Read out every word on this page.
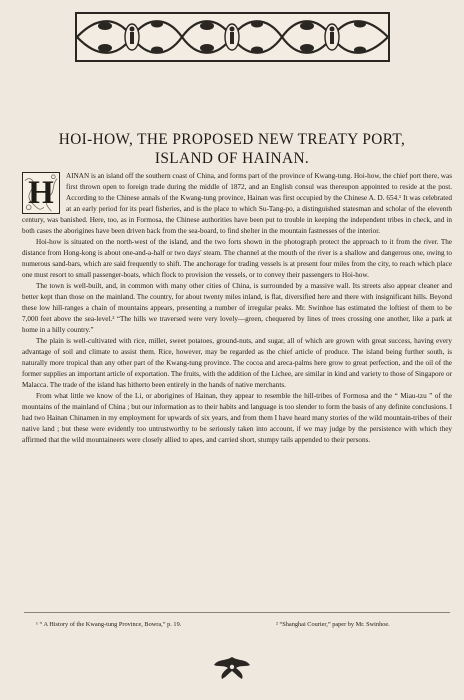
HOI-HOW, THE PROPOSED NEW TREATY PORT,
ISLAND OF HAINAN.
H	AINAN is an island off the southern coast of China, and forms part of the province of Kwang-tung. Hoi-how, the chief port there, was first thrown open to foreign trade during the middle of 1872, and an English consul was thereupon appointed to reside at the post. According to the Chinese annals of the Kwang-tung province, Hainan was first occupied by the Chinese A. D. 654.¹ It was celebrated at an early period for its pearl fisheries, and is the place to which Su-Tang-po, a distinguished statesman and scholar of the eleventh century, was banished. Here, too, as in Formosa, the Chinese authorities have been put to trouble in keeping the independent tribes in check, and in both cases the aborigines have been driven back from the sea-board, to find shelter in the mountain fastnesses of the interior.

Hoi-how is situated on the north-west of the island, and the two forts shown in the photograph protect the approach to it from the river. The distance from Hong-kong is about one-and-a-half or two days' steam. The channel at the mouth of the river is a shallow and dangerous one, owing to numerous sand-bars, which are said frequently to shift. The anchorage for trading vessels is at present four miles from the city, to reach which place one must resort to small passenger-boats, which flock to provision the vessels, or to convey their passengers to Hoi-how.

The town is well-built, and, in common with many other cities of China, is surrounded by a massive wall. Its streets also appear cleaner and better kept than those on the mainland. The country, for about twenty miles inland, is flat, diversified here and there with insignificant hills. Beyond these low hill-ranges a chain of mountains appears, presenting a number of irregular peaks. Mr. Swinhoe has estimated the loftiest of them to be 7,000 feet above the sea-level.² “The hills we traversed were very lovely—green, chequered by lines of trees crossing one another, like a park at home in a hilly country.”

The plain is well-cultivated with rice, millet, sweet potatoes, ground-nuts, and sugar, all of which are grown with great success, having every advantage of soil and climate to assist them. Rice, however, may be regarded as the chief article of produce. The island being further south, is naturally more tropical than any other part of the Kwang-tung province. The cocoa and areca-palms here grow to great perfection, and the oil of the former supplies an important article of exportation. The fruits, with the addition of the Lichee, are similar in kind and variety to those of Singapore or Malacca. The trade of the island has hitherto been entirely in the hands of native merchants.

From what little we know of the Li, or aborigines of Hainan, they appear to resemble the hill-tribes of Formosa and the “ Miau-tzu ” of the mountains of the mainland of China ; but our information as to their habits and language is too slender to form the basis of any definite conclusions. I had two Hainan Chinamen in my employment for upwards of six years, and from them I have heard many stories of the wild mountain-tribes of their native land ; but these were evidently too untrustworthy to be seriously taken into account, if we may judge by the persistence with which they affirmed that the wild mountaineers were closely allied to apes, and carried short, stumpy tails appended to their persons.

¹ “ A History of the Kwang-tung Province, Bowra,” p. 19.	² “Shanghai Courier,” paper by Mr. Swinhoe.
